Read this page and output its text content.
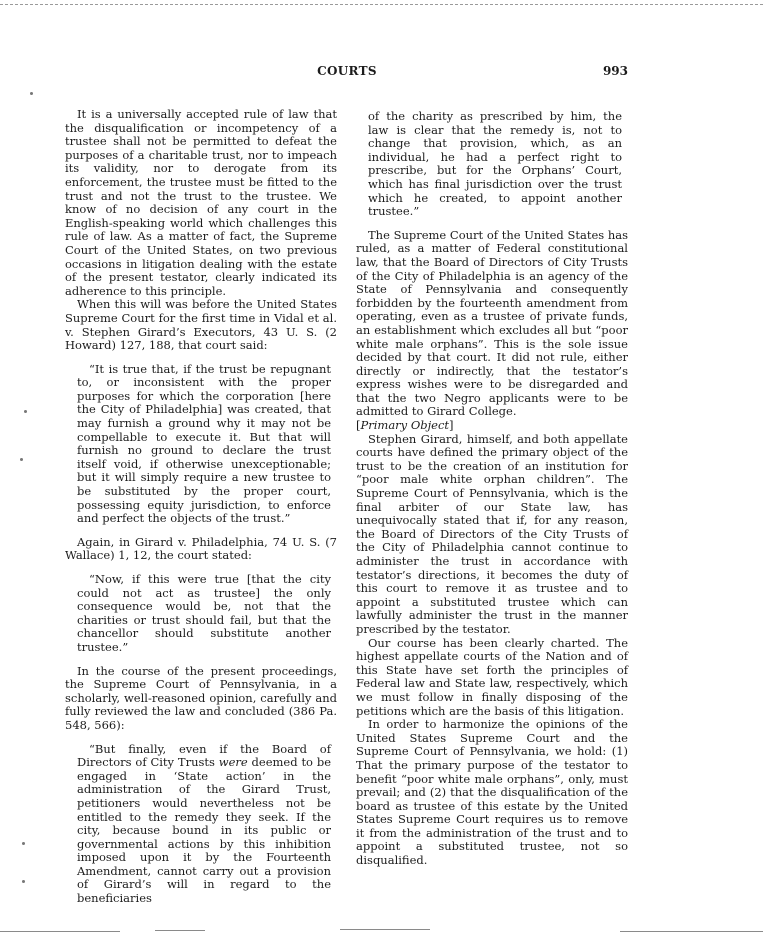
COURTS	993

It is a universally accepted rule of law that the disqualification or incompetency of a trustee shall not be permitted to defeat the purposes of a charitable trust, nor to impeach its validity, nor to derogate from its enforcement, the trustee must be fitted to the trust and not the trust to the trustee. We know of no decision of any court in the English-speaking world which challenges this rule of law. As a matter of fact, the Supreme Court of the United States, on two previous occasions in litigation dealing with the estate of the present testator, clearly indicated its adherence to this principle.

When this will was before the United States Supreme Court for the first time in Vidal et al. v. Stephen Girard’s Executors, 43 U. S. (2 Howard) 127, 188, that court said:

“It is true that, if the trust be repugnant to, or inconsistent with the proper purposes for which the corporation [here the City of Philadelphia] was created, that may furnish a ground why it may not be compellable to execute it. But that will furnish no ground to declare the trust itself void, if otherwise unexceptionable; but it will simply require a new trustee to be substituted by the proper court, possessing equity jurisdiction, to enforce and perfect the objects of the trust.”

Again, in Girard v. Philadelphia, 74 U. S. (7 Wallace) 1, 12, the court stated:

“Now, if this were true [that the city could not act as trustee] the only consequence would be, not that the charities or trust should fail, but that the chancellor should substitute another trustee.”

In the course of the present proceedings, the Supreme Court of Pennsylvania, in a scholarly, well-reasoned opinion, carefully and fully reviewed the law and concluded (386 Pa. 548, 566):

“But finally, even if the Board of Directors of City Trusts were deemed to be engaged in ‘State action’ in the administration of the Girard Trust, petitioners would nevertheless not be entitled to the remedy they seek. If the city, because bound in its public or governmental actions by this inhibition imposed upon it by the Fourteenth Amendment, cannot carry out a provision of Girard’s will in regard to the beneficiaries
of the charity as prescribed by him, the law is clear that the remedy is, not to change that provision, which, as an individual, he had a perfect right to prescribe, but for the Orphans’ Court, which has final jurisdiction over the trust which he created, to appoint another trustee.”

The Supreme Court of the United States has ruled, as a matter of Federal constitutional law, that the Board of Directors of City Trusts of the City of Philadelphia is an agency of the State of Pennsylvania and consequently forbidden by the fourteenth amendment from operating, even as a trustee of private funds, an establishment which excludes all but “poor white male orphans”. This is the sole issue decided by that court. It did not rule, either directly or indirectly, that the testator’s express wishes were to be disregarded and that the two Negro applicants were to be admitted to Girard College.

[Primary Object]

Stephen Girard, himself, and both appellate courts have defined the primary object of the trust to be the creation of an institution for “poor male white orphan children”. The Supreme Court of Pennsylvania, which is the final arbiter of our State law, has unequivocally stated that if, for any reason, the Board of Directors of the City Trusts of the City of Philadelphia cannot continue to administer the trust in accordance with testator’s directions, it becomes the duty of this court to remove it as trustee and to appoint a substituted trustee which can lawfully administer the trust in the manner prescribed by the testator.

Our course has been clearly charted. The highest appellate courts of the Nation and of this State have set forth the principles of Federal law and State law, respectively, which we must follow in finally disposing of the petitions which are the basis of this litigation.

In order to harmonize the opinions of the United States Supreme Court and the Supreme Court of Pennsylvania, we hold: (1) That the primary purpose of the testator to benefit “poor white male orphans”, only, must prevail; and (2) that the disqualification of the board as trustee of this estate by the United States Supreme Court requires us to remove it from the administration of the trust and to appoint a substituted trustee, not so disqualified.
